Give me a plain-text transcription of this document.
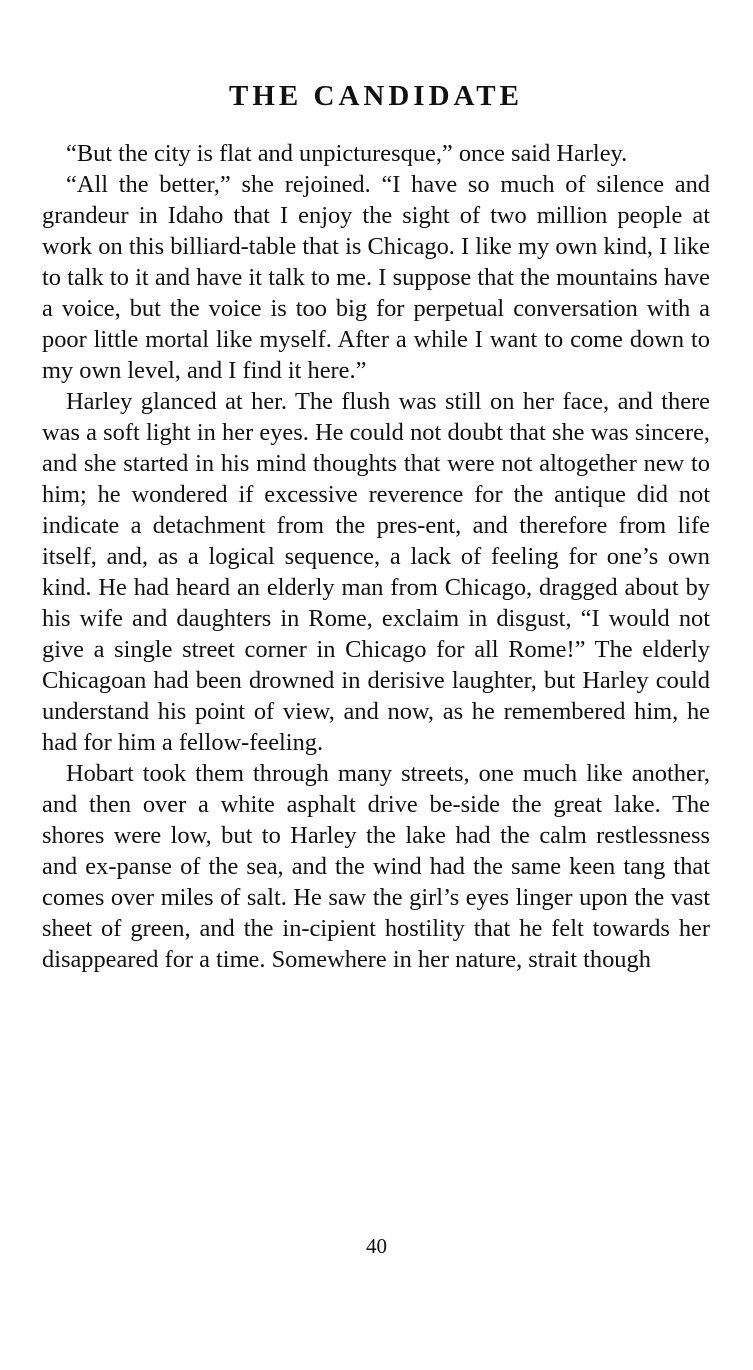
THE CANDIDATE

“But the city is flat and unpicturesque,” once said Harley.

“All the better,” she rejoined. “I have so much of silence and grandeur in Idaho that I enjoy the sight of two million people at work on this billiard-table that is Chicago. I like my own kind, I like to talk to it and have it talk to me. I suppose that the mountains have a voice, but the voice is too big for perpetual conversation with a poor little mortal like myself. After a while I want to come down to my own level, and I find it here.”

Harley glanced at her. The flush was still on her face, and there was a soft light in her eyes. He could not doubt that she was sincere, and she started in his mind thoughts that were not altogether new to him; he wondered if excessive reverence for the antique did not indicate a detachment from the pres-ent, and therefore from life itself, and, as a logical sequence, a lack of feeling for one’s own kind. He had heard an elderly man from Chicago, dragged about by his wife and daughters in Rome, exclaim in disgust, “I would not give a single street corner in Chicago for all Rome!” The elderly Chicagoan had been drowned in derisive laughter, but Harley could understand his point of view, and now, as he remembered him, he had for him a fellow-feeling.

Hobart took them through many streets, one much like another, and then over a white asphalt drive be-side the great lake. The shores were low, but to Harley the lake had the calm restlessness and ex-panse of the sea, and the wind had the same keen tang that comes over miles of salt. He saw the girl’s eyes linger upon the vast sheet of green, and the in-cipient hostility that he felt towards her disappeared for a time. Somewhere in her nature, strait though

40
